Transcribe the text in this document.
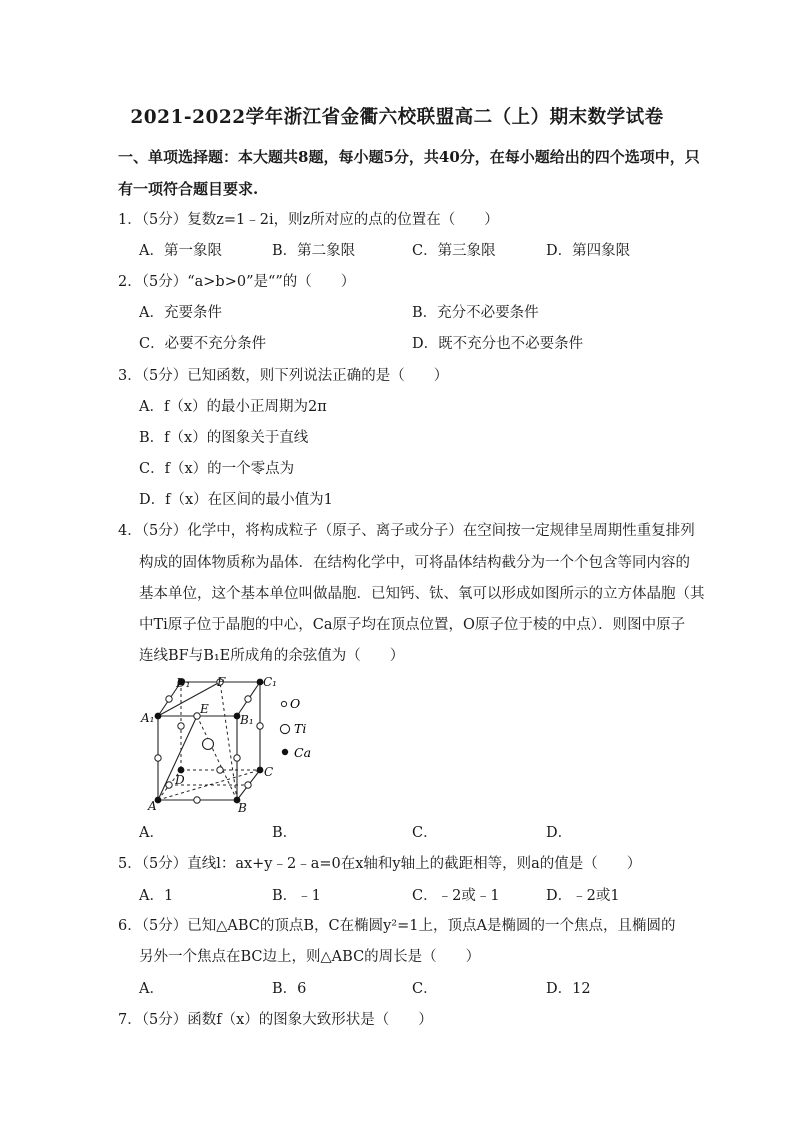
2021-2022学年浙江省金衢六校联盟高二（上）期末数学试卷
一、单项选择题：本大题共8题，每小题5分，共40分，在每小题给出的四个选项中，只
有一项符合题目要求.
1．（5分）复数z=1﹣2i，则z所对应的点的位置在（　　）
A．第一象限	B．第二象限	C．第三象限	D．第四象限
2．（5分）“a>b>0”是“”的（　　）
A．充要条件	B．充分不必要条件
C．必要不充分条件	D．既不充分也不必要条件
3．（5分）已知函数，则下列说法正确的是（　　）
A．f（x）的最小正周期为2π
B．f（x）的图象关于直线
C．f（x）的一个零点为
D．f（x）在区间的最小值为1
4．（5分）化学中，将构成粒子（原子、离子或分子）在空间按一定规律呈周期性重复排列
构成的固体物质称为晶体．在结构化学中，可将晶体结构截分为一个个包含等同内容的
基本单位，这个基本单位叫做晶胞．已知钙、钛、氧可以形成如图所示的立方体晶胞（其
中Ti原子位于晶胞的中心，Ca原子均在顶点位置，O原子位于棱的中点）．则图中原子
连线BF与B₁E所成角的余弦值为（　　）
D₁ F	C₁
A₁
E
B₁
C
D
A	B
O
Ti
Ca
A．	B．	C．	D．
5．（5分）直线l：ax+y﹣2﹣a=0在x轴和y轴上的截距相等，则a的值是（　　）
A．1	B．﹣1	C．﹣2或﹣1	D．﹣2或1
6．（5分）已知△ABC的顶点B，C在椭圆y²=1上，顶点A是椭圆的一个焦点，且椭圆的
另外一个焦点在BC边上，则△ABC的周长是（　　）
A．	B．6	C．	D．12
7．（5分）函数f（x）的图象大致形状是（　　）
